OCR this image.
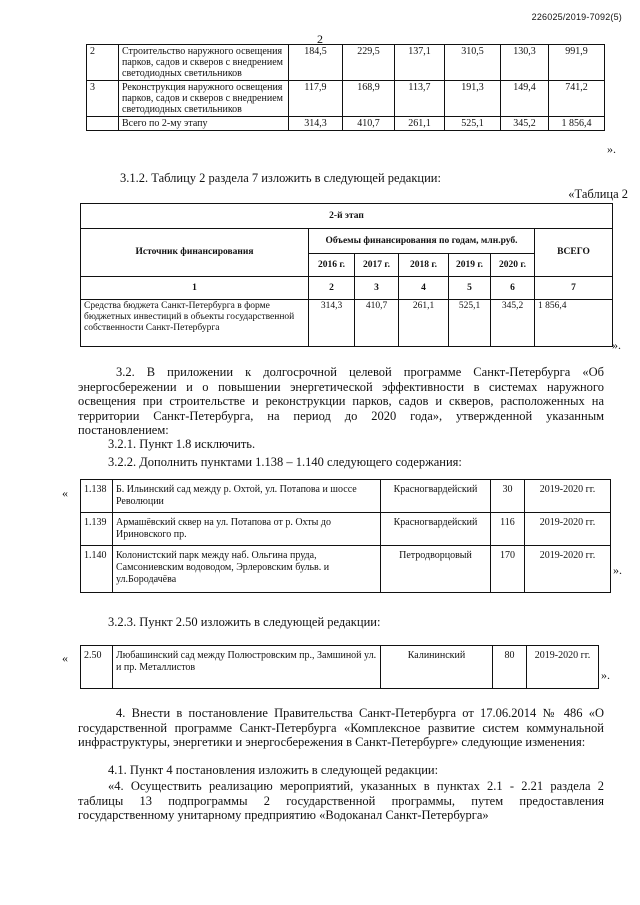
226025/2019-7092(5)
2
2	Строительство наружного освещения парков, садов и скверов с внедрением светодиодных светильников	184,5	229,5	137,1	310,5	130,3	991,9
3	Реконструкция наружного освещения парков, садов и скверов с внедрением светодиодных светильников	117,9	168,9	113,7	191,3	149,4	741,2
	Всего по 2-му этапу	314,3	410,7	261,1	525,1	345,2	1 856,4
».
3.1.2. Таблицу 2 раздела 7 изложить в следующей редакции:
«Таблица 2
2-й этап						
Источник финансирования	Объемы финансирования по годам, млн.руб.					ВСЕГО
	2016 г.	2017 г.	2018 г.	2019 г.	2020 г.	
1	2	3	4	5	6	7
Средства бюджета Санкт-Петербурга в форме бюджетных инвестиций в объекты государственной собственности Санкт-Петербурга	314,3	410,7	261,1	525,1	345,2	1 856,4
».
3.2. В приложении к долгосрочной целевой программе Санкт-Петербурга «Об энергосбережении и о повышении энергетической эффективности в системах наружного освещения при строительстве и реконструкции парков, садов и скверов, расположенных на территории Санкт-Петербурга, на период до 2020 года», утвержденной указанным постановлением:
3.2.1. Пункт 1.8 исключить.
3.2.2. Дополнить пунктами 1.138 – 1.140 следующего содержания:
« 1.138	Б. Ильинский сад между р. Охтой, ул. Потапова и шоссе Революции	Красногвардейский	30	2019-2020 гг.
1.139	Армашёвский сквер на ул. Потапова от р. Охты до Ириновского пр.	Красногвардейский	116	2019-2020 гг.
1.140	Колонистский парк между наб. Ольгина пруда, Самсониевским водоводом, Эрлеровским бульв. и ул.Бородачёва	Петродворцовый	170	2019-2020 гг.
».
3.2.3. Пункт 2.50 изложить в следующей редакции:
« 2.50	Любашинский сад между Полюстровским пр., Замшиной ул. и пр. Металлистов	Калининский	80	2019-2020 гг.
».
4. Внести в постановление Правительства Санкт-Петербурга от 17.06.2014 № 486 «О государственной программе Санкт-Петербурга «Комплексное развитие систем коммунальной инфраструктуры, энергетики и энергосбережения в Санкт-Петербурге» следующие изменения:
4.1. Пункт 4 постановления изложить в следующей редакции:
«4. Осуществить реализацию мероприятий, указанных в пунктах 2.1 - 2.21 раздела 2 таблицы 13 подпрограммы 2 государственной программы, путем предоставления государственному унитарному предприятию «Водоканал Санкт-Петербурга»
